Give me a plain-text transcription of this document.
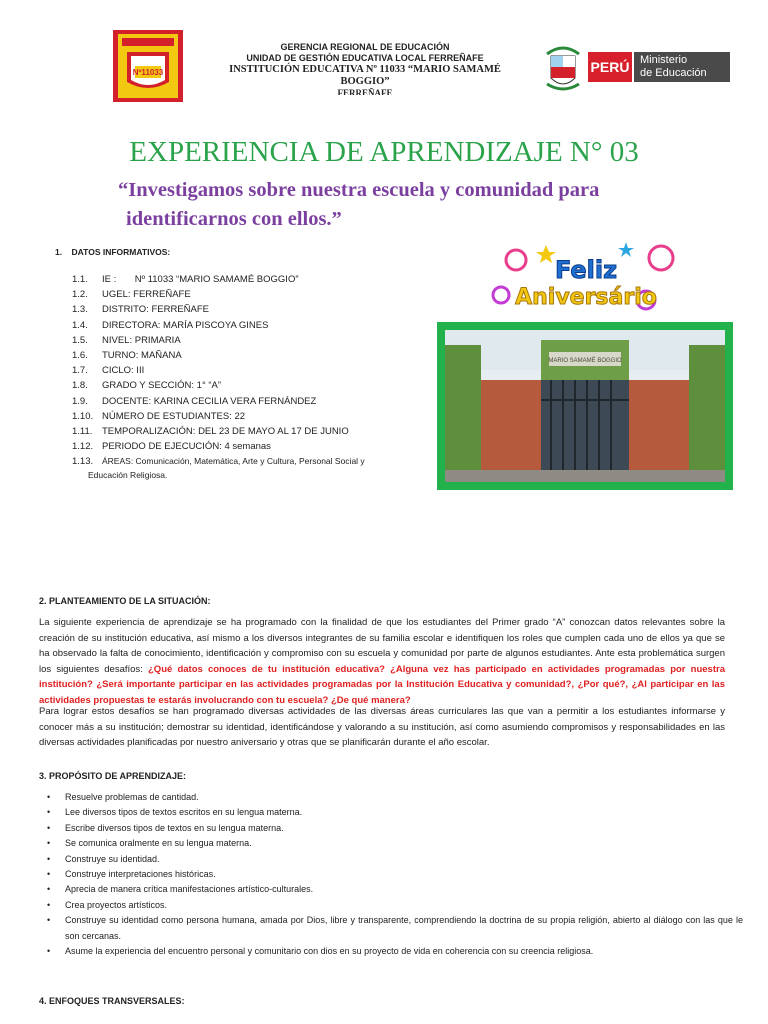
Nº11033
GERENCIA REGIONAL DE EDUCACIÓN
UNIDAD DE GESTIÓN EDUCATIVA LOCAL FERREÑAFE
INSTITUCIÓN EDUCATIVA Nº 11033 “MARIO SAMAMÉ BOGGIO”
FERREÑAFE
PERÚ Ministerio
de Educación
EXPERIENCIA DE APRENDIZAJE N° 03
“Investigamos sobre nuestra escuela y comunidad para
identificarnos con ellos.”
1.    DATOS INFORMATIVOS:
1.1.	IE :       Nº 11033 “MARIO SAMAMÉ BOGGIO”
1.2.	UGEL: FERREÑAFE
1.3.	DISTRITO: FERREÑAFE
1.4.	DIRECTORA: MARÍA PISCOYA GINES
1.5.	NIVEL: PRIMARIA
1.6.	TURNO: MAÑANA
1.7.	CICLO: III
1.8.	GRADO Y SECCIÓN: 1° “A”
1.9.	DOCENTE: KARINA CECILIA VERA FERNÁNDEZ
1.10. NÚMERO DE ESTUDIANTES: 22
1.11.	TEMPORALIZACIÓN: DEL 23 DE MAYO AL 17 DE JUNIO
1.12. PERIODO DE EJECUCIÓN: 4 semanas
1.13.	ÁREAS: Comunicación, Matemática, Arte y Cultura, Personal Social y
Educación Religiosa.
Feliz
Aniversário
MARIO SAMAMÉ BOGGIO
2. PLANTEAMIENTO DE LA SITUACIÓN:
La siguiente experiencia de aprendizaje se ha programado con la finalidad de que los estudiantes del Primer grado “A” conozcan datos relevantes sobre la creación de su institución educativa, así mismo a los diversos integrantes de su familia escolar e identifiquen los roles que cumplen cada uno de ellos ya que se ha observado la falta de conocimiento, identificación y compromiso con su escuela y comunidad por parte de algunos estudiantes. Ante esta problemática surgen los siguientes desafíos: ¿Qué datos conoces de tu institución educativa? ¿Alguna vez has participado en actividades programadas por nuestra institución? ¿Será importante participar en las actividades programadas por la Institución Educativa y comunidad?, ¿Por qué?, ¿Al participar en las actividades propuestas te estarás involucrando con tu escuela? ¿De qué manera?
Para lograr estos desafíos se han programado diversas actividades de las diversas áreas curriculares las que van a permitir a los estudiantes informarse y conocer más a su institución; demostrar su identidad, identificándose y valorando a su institución, así como asumiendo compromisos y responsabilidades en las diversas actividades planificadas por nuestro aniversario y otras que se planificarán durante el año escolar.
3. PROPÓSITO DE APRENDIZAJE:
•	Resuelve problemas de cantidad.
•	Lee diversos tipos de textos escritos en su lengua materna.
•	Escribe diversos tipos de textos en su lengua materna.
•	Se comunica oralmente en su lengua materna.
•	Construye su identidad.
•	Construye interpretaciones históricas.
•	Aprecia de manera crítica manifestaciones artístico-culturales.
•	Crea proyectos artísticos.
•	Construye su identidad como persona humana, amada por Dios, libre y transparente, comprendiendo la doctrina de su propia religión, abierto al diálogo con las que le son cercanas.
•	Asume la experiencia del encuentro personal y comunitario con dios en su proyecto de vida en coherencia con su creencia religiosa.
4. ENFOQUES TRANSVERSALES:
